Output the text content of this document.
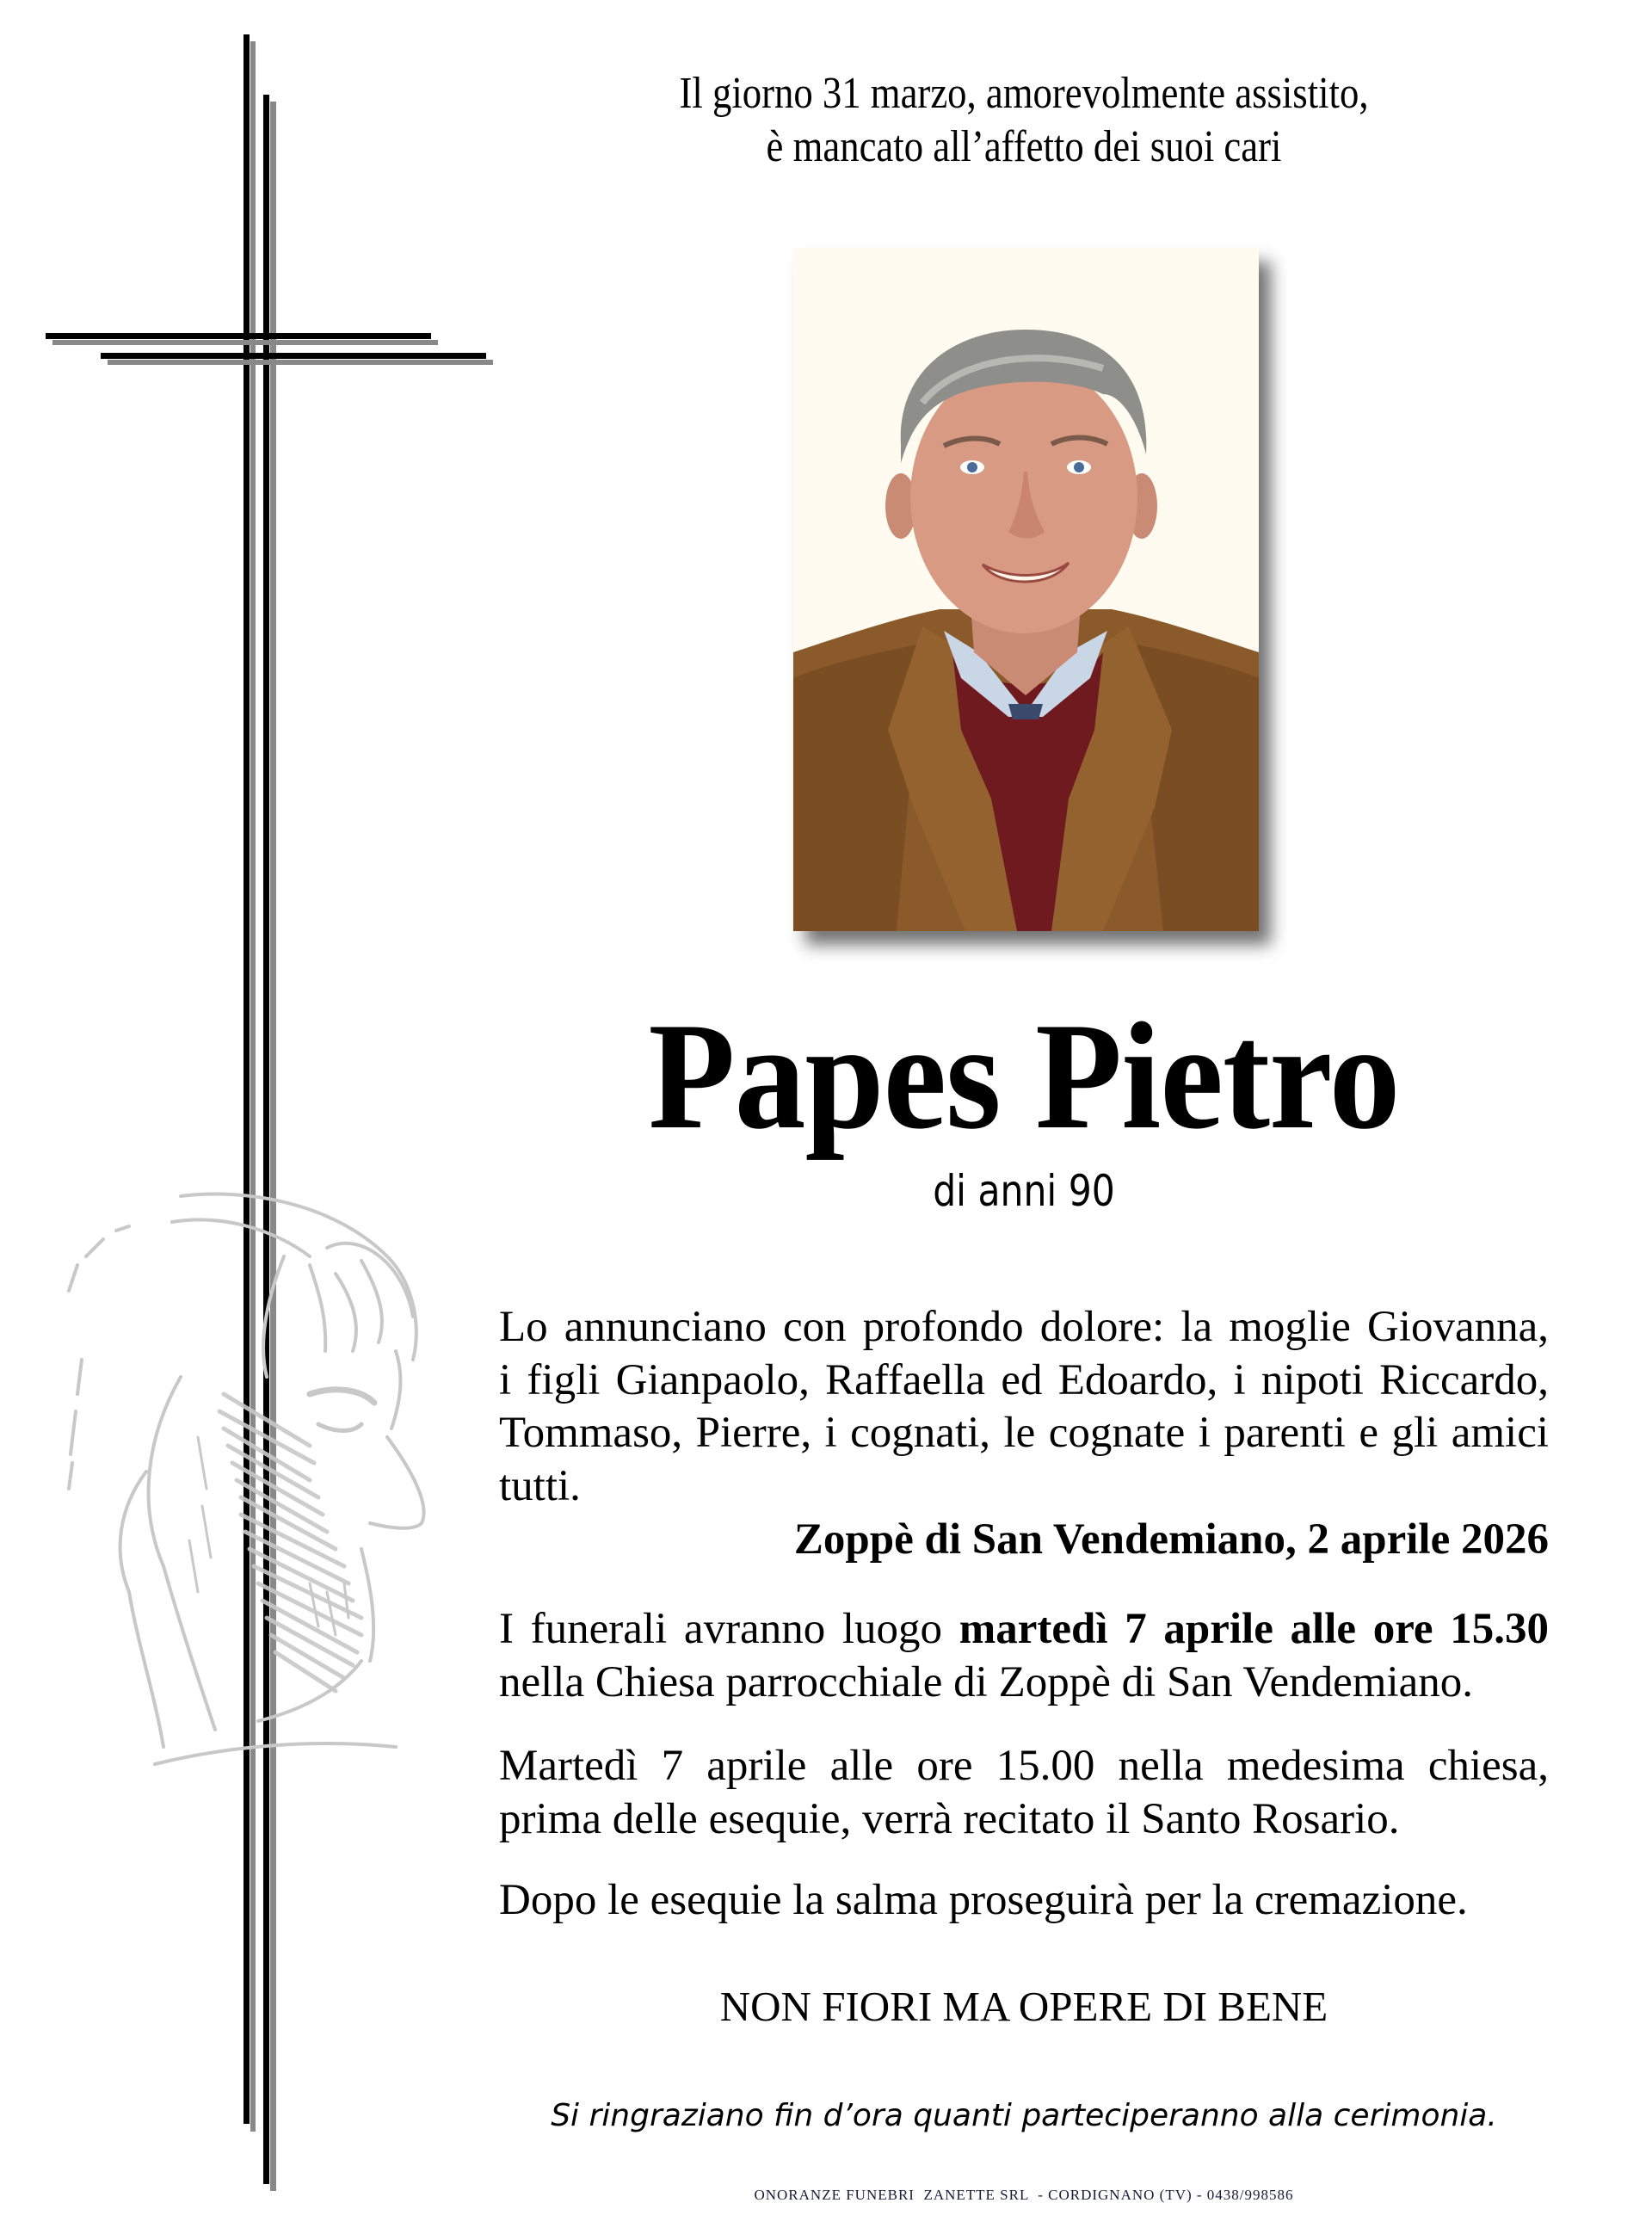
Il giorno 31 marzo, amorevolmente assistito,
è mancato all’affetto dei suoi cari
Papes Pietro
di anni 90
Lo annunciano con profondo dolore: la moglie Giovanna,
i figli Gianpaolo, Raffaella ed Edoardo, i nipoti Riccardo,
Tommaso, Pierre, i cognati, le cognate i parenti e gli amici
tutti.
Zoppè di San Vendemiano, 2 aprile 2026
I funerali avranno luogo martedì 7 aprile alle ore 15.30
nella Chiesa parrocchiale di Zoppè di San Vendemiano.
Martedì 7 aprile alle ore 15.00 nella medesima chiesa,
prima delle esequie, verrà recitato il Santo Rosario.
Dopo le esequie la salma proseguirà per la cremazione.
NON FIORI MA OPERE DI BENE
Si ringraziano fin d’ora quanti parteciperanno alla cerimonia.
ONORANZE FUNEBRI  ZANETTE SRL  - CORDIGNANO (TV) - 0438/998586
